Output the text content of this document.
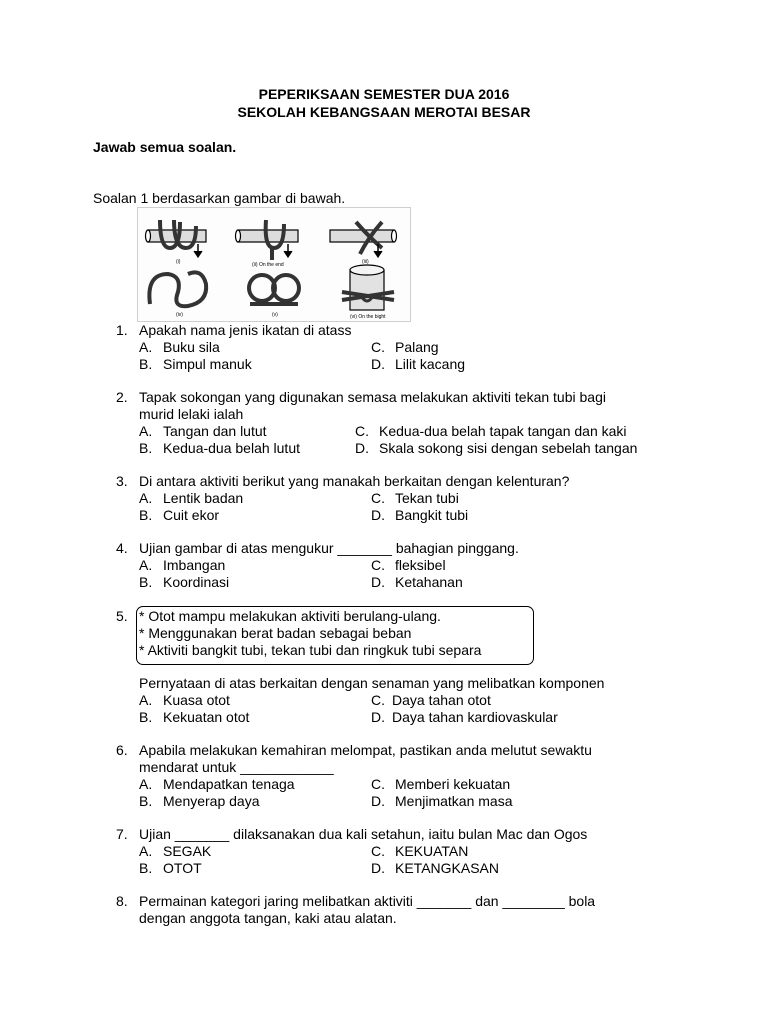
PEPERIKSAAN SEMESTER DUA 2016
SEKOLAH KEBANGSAAN MEROTAI BESAR
Jawab semua soalan.
Soalan 1 berdasarkan gambar di bawah.
(i)	(ii) On the end	(iii)
(iv)	(v)	(vi) On the bight
1. Apakah nama jenis ikatan di atass
A. Buku sila	C. Palang
B. Simpul manuk	D. Lilit kacang
2. Tapak sokongan yang digunakan semasa melakukan aktiviti tekan tubi bagi
murid lelaki ialah
A. Tangan dan lutut	C. Kedua-dua belah tapak tangan dan kaki
B. Kedua-dua belah lutut	D. Skala sokong sisi dengan sebelah tangan
3. Di antara aktiviti berikut yang manakah berkaitan dengan kelenturan?
A. Lentik badan	C. Tekan tubi
B. Cuit ekor	D. Bangkit tubi
4. Ujian gambar di atas mengukur _______ bahagian pinggang.
A. Imbangan	C. fleksibel
B. Koordinasi	D. Ketahanan
5. * Otot mampu melakukan aktiviti berulang-ulang.
* Menggunakan berat badan sebagai beban
* Aktiviti bangkit tubi, tekan tubi dan ringkuk tubi separa
Pernyataan di atas berkaitan dengan senaman yang melibatkan komponen
A. Kuasa otot	C. Daya tahan otot
B. Kekuatan otot	D. Daya tahan kardiovaskular
6. Apabila melakukan kemahiran melompat, pastikan anda melutut sewaktu
mendarat untuk ____________
A. Mendapatkan tenaga	C. Memberi kekuatan
B. Menyerap daya	D. Menjimatkan masa
7. Ujian _______ dilaksanakan dua kali setahun, iaitu bulan Mac dan Ogos
A. SEGAK	C. KEKUATAN
B. OTOT	D. KETANGKASAN
8. Permainan kategori jaring melibatkan aktiviti _______ dan ________ bola
dengan anggota tangan, kaki atau alatan.
